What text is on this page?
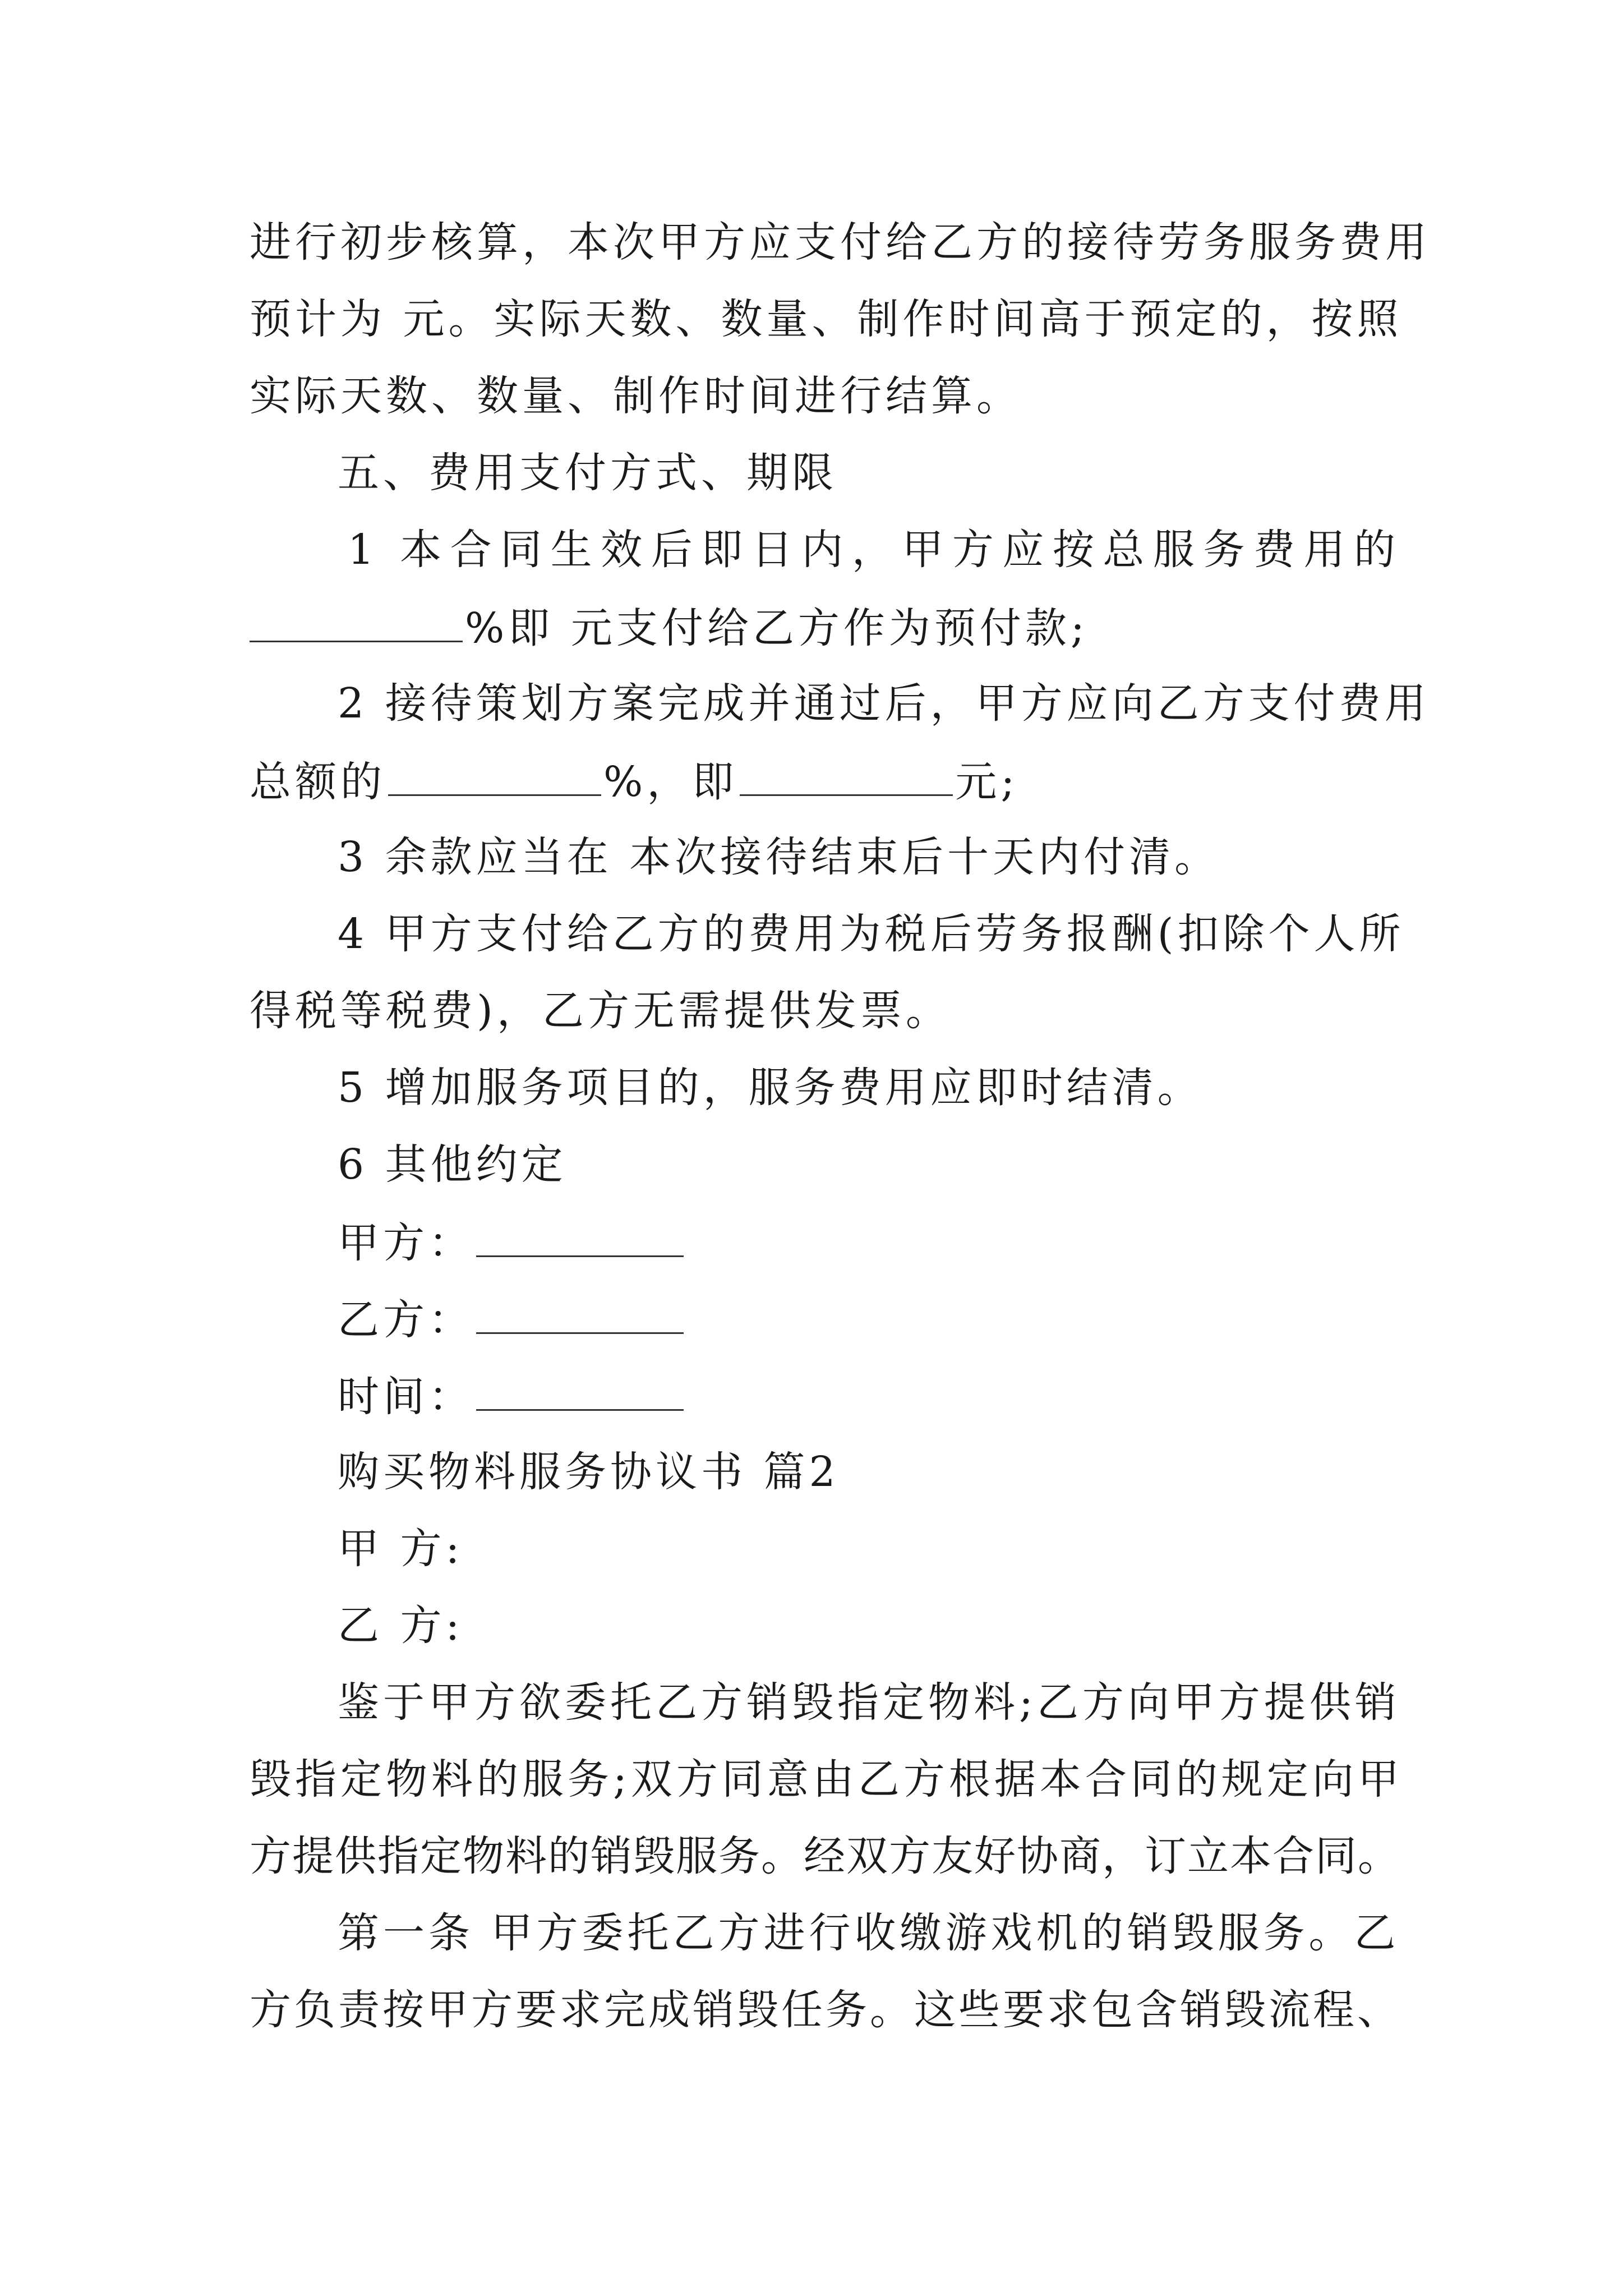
进行初步核算，本次甲方应支付给乙方的接待劳务服务费用
预计为 元。实际天数、数量、制作时间高于预定的，按照
实际天数、数量、制作时间进行结算。
五、费用支付方式、期限
1 本合同生效后即日内，甲方应按总服务费用的
%即 元支付给乙方作为预付款;
2 接待策划方案完成并通过后，甲方应向乙方支付费用
总额的	%，即	元;
3 余款应当在 本次接待结束后十天内付清。
4 甲方支付给乙方的费用为税后劳务报酬(扣除个人所
得税等税费)，乙方无需提供发票。
5 增加服务项目的，服务费用应即时结清。
6 其他约定
甲方：
乙方：
时间：
购买物料服务协议书 篇2
甲 方:
乙 方:
鉴于甲方欲委托乙方销毁指定物料;乙方向甲方提供销
毁指定物料的服务;双方同意由乙方根据本合同的规定向甲
方提供指定物料的销毁服务。经双方友好协商，订立本合同。
第一条 甲方委托乙方进行收缴游戏机的销毁服务。乙
方负责按甲方要求完成销毁任务。这些要求包含销毁流程、
